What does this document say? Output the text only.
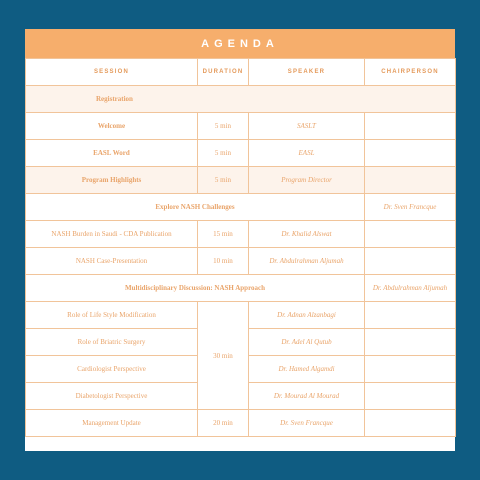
AGENDA
SESSION	DURATION	SPEAKER	CHAIRPERSON
Registration			
Welcome	5 min	SASLT	
EASL Word	5 min	EASL	
Program Highlights	5 min	Program Director	
Explore NASH Challenges			Dr. Sven Francque
NASH Burden in Saudi - CDA Publication	15 min	Dr. Khalid Alswat	
NASH Case-Presentation	10 min	Dr. Abdulrahman Aljumah	
Multidisciplinary Discussion: NASH Approach			Dr. Abdulrahman Aljumah
Role of Life Style Modification	30 min	Dr. Adnan Alzanbagi	
Role of Briatric Surgery		Dr. Adel Al Qutub	
Cardiologist Perspective		Dr. Hamed Algamdi	
Diabetologist Perspective		Dr. Mourad Al Mourad	
Management Update	20 min	Dr. Sven Francque	
